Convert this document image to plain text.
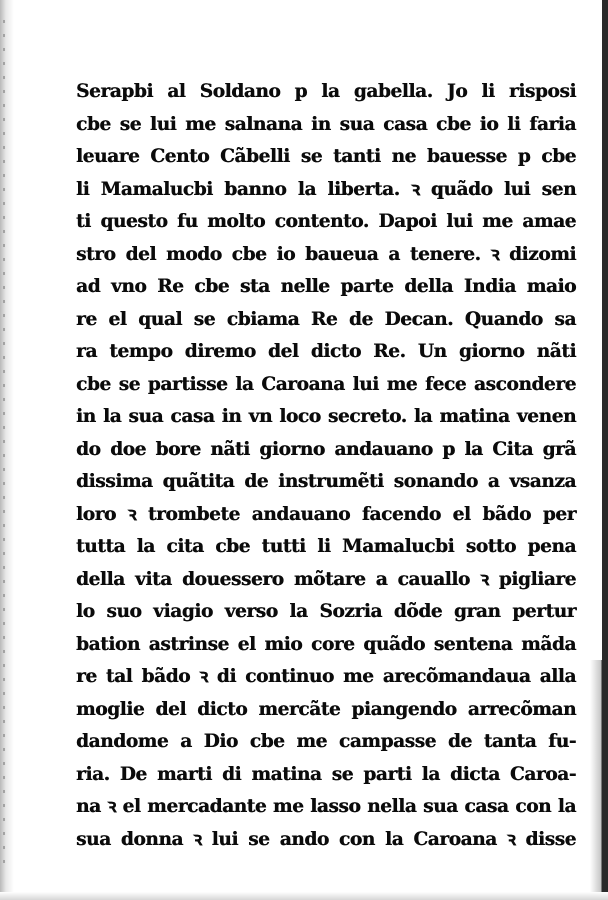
Serapbi al Soldano p la gabella. Jo li risposi
cbe se lui me salnana in sua casa cbe io li faria
leuare Cento Cãbelli se tanti ne bauesse p cbe
li Mamalucbi banno la liberta. ꝛ quãdo lui sen
ti questo fu molto contento. Dapoi lui me amae
stro del modo cbe io baueua a tenere. ꝛ dizomi
ad vno Re cbe sta nelle parte della India maio
re el qual se cbiama Re de Decan. Quando sa
ra tempo diremo del dicto Re. Un giorno nãti
cbe se partisse la Caroana lui me fece ascondere
in la sua casa in vn loco secreto. la matina venen
do doe bore nãti giorno andauano p la Cita grã
dissima quãtita de instrumẽti sonando a vsanza
loro ꝛ trombete andauano facendo el bãdo per
tutta la cita cbe tutti li Mamalucbi sotto pena
della vita douessero mõtare a cauallo ꝛ pigliare
lo suo viagio verso la Sozria dõde gran pertur
bation astrinse el mio core quãdo sentena mãda
re tal bãdo ꝛ di continuo me arecõmandaua alla
moglie del dicto mercãte piangendo arrecõman
dandome a Dio cbe me campasse de tanta fu-
ria. De marti di matina se parti la dicta Caroa-
na ꝛ el mercadante me lasso nella sua casa con la
sua donna ꝛ lui se ando con la Caroana ꝛ disse
